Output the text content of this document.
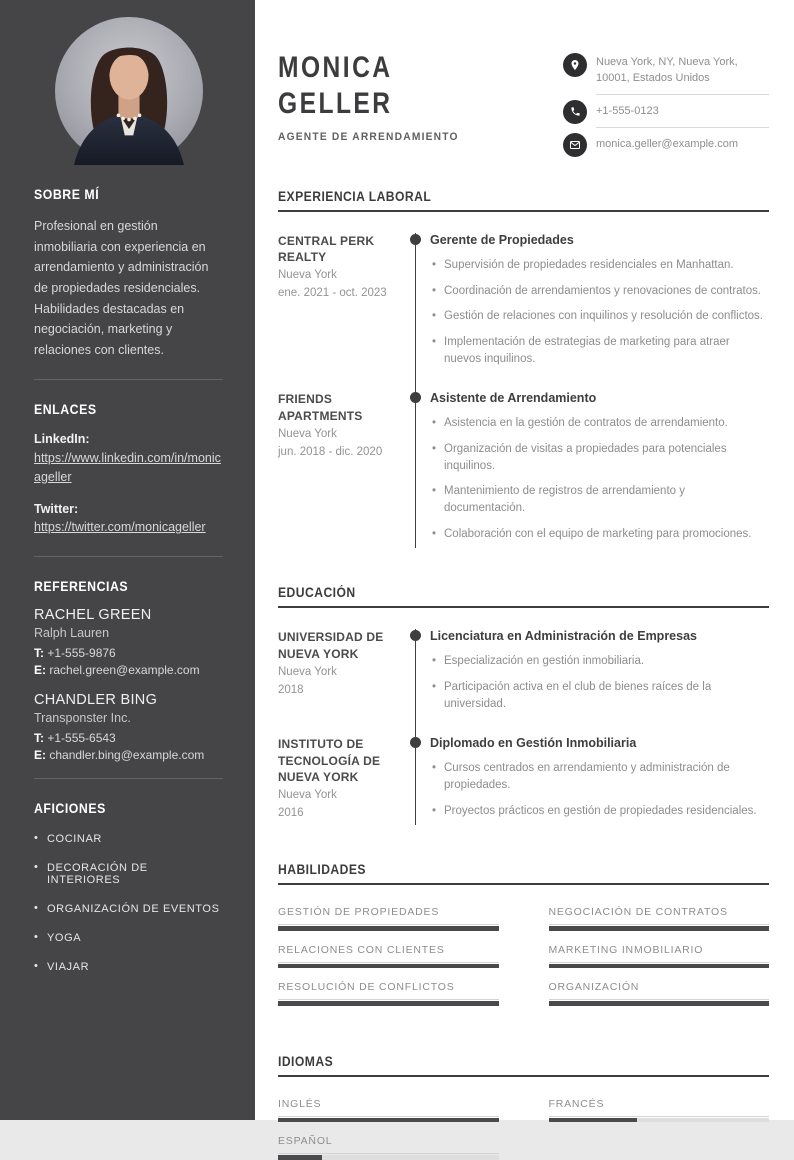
SOBRE MÍ

Profesional en gestión inmobiliaria con experiencia en arrendamiento y administración de propiedades residenciales. Habilidades destacadas en negociación, marketing y relaciones con clientes.

ENLACES
LinkedIn:
https://www.linkedin.com/in/monicageller
Twitter:
https://twitter.com/monicageller
REFERENCIAS
RACHEL GREEN
Ralph Lauren
T: +1-555-9876
E: rachel.green@example.com
CHANDLER BING
Transponster Inc.
T: +1-555-6543
E: chandler.bing@example.com
AFICIONES
• COCINAR
• DECORACIÓN DE INTERIORES
• ORGANIZACIÓN DE EVENTOS
• YOGA
• VIAJAR
MONICA
GELLER
AGENTE DE ARRENDAMIENTO
Nueva York, NY, Nueva York, 10001, Estados Unidos
+1-555-0123
monica.geller@example.com
EXPERIENCIA LABORAL
CENTRAL PERK REALTY
Nueva York
ene. 2021 - oct. 2023
Gerente de Propiedades
• Supervisión de propiedades residenciales en Manhattan.
• Coordinación de arrendamientos y renovaciones de contratos.
• Gestión de relaciones con inquilinos y resolución de conflictos.
• Implementación de estrategias de marketing para atraer nuevos inquilinos.
FRIENDS APARTMENTS
Nueva York
jun. 2018 - dic. 2020
Asistente de Arrendamiento
• Asistencia en la gestión de contratos de arrendamiento.
• Organización de visitas a propiedades para potenciales inquilinos.
• Mantenimiento de registros de arrendamiento y documentación.
• Colaboración con el equipo de marketing para promociones.
EDUCACIÓN
UNIVERSIDAD DE NUEVA YORK
Nueva York
2018
Licenciatura en Administración de Empresas
• Especialización en gestión inmobiliaria.
• Participación activa en el club de bienes raíces de la universidad.
INSTITUTO DE TECNOLOGÍA DE NUEVA YORK
Nueva York
2016
Diplomado en Gestión Inmobiliaria
• Cursos centrados en arrendamiento y administración de propiedades.
• Proyectos prácticos en gestión de propiedades residenciales.
HABILIDADES
GESTIÓN DE PROPIEDADES	NEGOCIACIÓN DE CONTRATOS
RELACIONES CON CLIENTES	MARKETING INMOBILIARIO
RESOLUCIÓN DE CONFLICTOS	ORGANIZACIÓN
IDIOMAS
INGLÉS	FRANCÉS
ESPAÑOL
